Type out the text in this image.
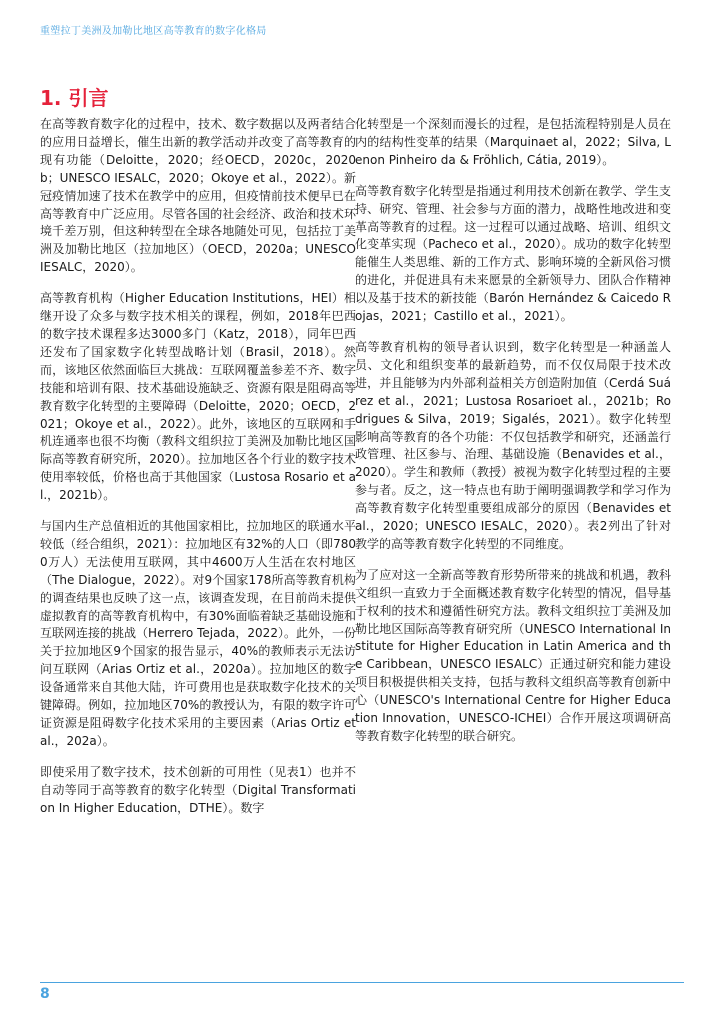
重塑拉丁美洲及加勒比地区高等教育的数字化格局
1. 引言

在高等教育数字化的过程中，技术、数字数据以及两者结合的应用日益增长，催生出新的教学活动并改变了高等教育的现有功能（Deloitte，2020；经OECD，2020c，2020b；UNESCO IESALC，2020；Okoye et al.，2022）。新冠疫情加速了技术在教学中的应用，但疫情前技术便早已在高等教育中广泛应用。尽管各国的社会经济、政治和技术环境千差万别，但这种转型在全球各地随处可见，包括拉丁美洲及加勒比地区（拉加地区）（OECD，2020a；UNESCO IESALC，2020）。

高等教育机构（Higher Education Institutions，HEI）相继开设了众多与数字技术相关的课程，例如，2018年巴西的数字技术课程多达3000多门（Katz，2018），同年巴西还发布了国家数字化转型战略计划（Brasil，2018）。然而，该地区依然面临巨大挑战：互联网覆盖参差不齐、数字技能和培训有限、技术基础设施缺乏、资源有限是阻碍高等教育数字化转型的主要障碍（Deloitte，2020；OECD，2021；Okoye et al.，2022）。此外，该地区的互联网和手机连通率也很不均衡（教科文组织拉丁美洲及加勒比地区国际高等教育研究所，2020）。拉加地区各个行业的数字技术使用率较低，价格也高于其他国家（Lustosa Rosario et al.，2021b）。

与国内生产总值相近的其他国家相比，拉加地区的联通水平较低（经合组织，2021）：拉加地区有32%的人口（即7800万人）无法使用互联网，其中4600万人生活在农村地区（The Dialogue，2022）。对9个国家178所高等教育机构的调查结果也反映了这一点，该调查发现，在目前尚未提供虚拟教育的高等教育机构中，有30%面临着缺乏基础设施和互联网连接的挑战（Herrero Tejada，2022）。此外，一份关于拉加地区9个国家的报告显示，40%的教师表示无法访问互联网（Arias Ortiz et al.，2020a）。拉加地区的数字设备通常来自其他大陆，许可费用也是获取数字化技术的关键障碍。例如，拉加地区70%的教授认为，有限的数字许可证资源是阻碍数字化技术采用的主要因素（Arias Ortiz et al.，202a）。

即使采用了数字技术，技术创新的可用性（见表1）也并不自动等同于高等教育的数字化转型（Digital Transformation In Higher Education，DTHE）。数字

化转型是一个深刻而漫长的过程，是包括流程特别是人员在内的结构性变革的结果（Marquinaet al，2022；Silva, Lenon Pinheiro da & Fröhlich, Cátia, 2019）。

高等教育数字化转型是指通过利用技术创新在教学、学生支持、研究、管理、社会参与方面的潜力，战略性地改进和变革高等教育的过程。这一过程可以通过战略、培训、组织文化变革实现（Pacheco et al.，2020）。成功的数字化转型能催生人类思维、新的工作方式、影响环境的全新风俗习惯的进化，并促进具有未来愿景的全新领导力、团队合作精神以及基于技术的新技能（Barón Hernández & Caicedo Rojas，2021；Castillo et al.，2021）。

高等教育机构的领导者认识到，数字化转型是一种涵盖人员、文化和组织变革的最新趋势，而不仅仅局限于技术改进，并且能够为内外部利益相关方创造附加值（Cerdá Suárez et al.，2021；Lustosa Rosarioet al.，2021b；Rodrigues & Silva，2019；Sigalés，2021）。数字化转型影响高等教育的各个功能：不仅包括教学和研究，还涵盖行政管理、社区参与、治理、基础设施（Benavides et al.，2020）。学生和教师（教授）被视为数字化转型过程的主要参与者。反之，这一特点也有助于阐明强调教学和学习作为高等教育数字化转型重要组成部分的原因（Benavides et al.，2020；UNESCO IESALC，2020）。表2列出了针对教学的高等教育数字化转型的不同维度。

为了应对这一全新高等教育形势所带来的挑战和机遇，教科文组织一直致力于全面概述教育数字化转型的情况，倡导基于权利的技术和遵循性研究方法。教科文组织拉丁美洲及加勒比地区国际高等教育研究所（UNESCO International Institute for Higher Education in Latin America and the Caribbean，UNESCO IESALC）正通过研究和能力建设项目积极提供相关支持，包括与教科文组织高等教育创新中心（UNESCO's International Centre for Higher Education Innovation，UNESCO-ICHEI）合作开展这项调研高等教育数字化转型的联合研究。

8
